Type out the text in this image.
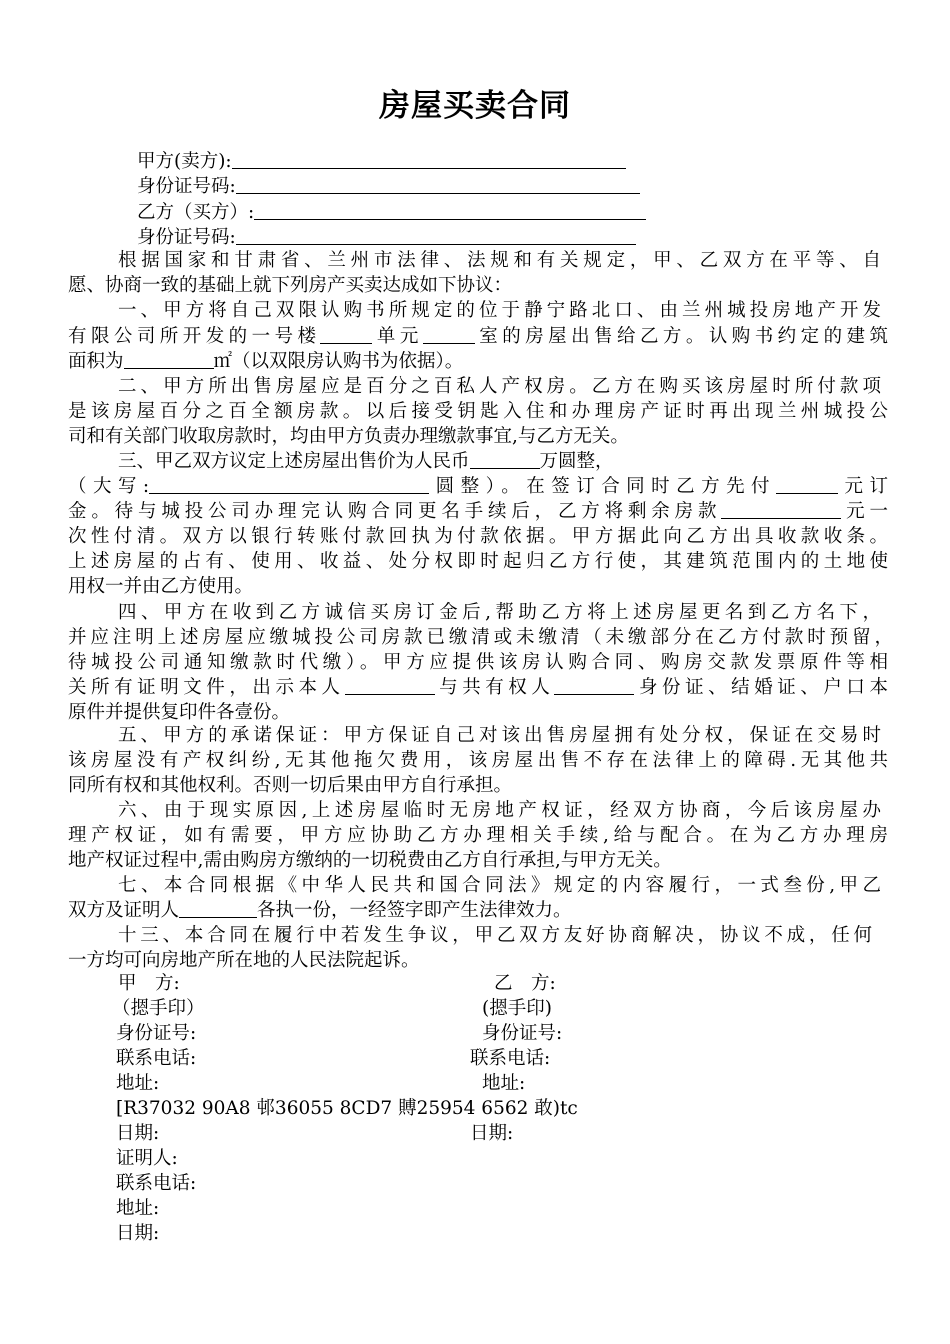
房屋买卖合同
甲方(卖方):
身份证号码:
乙方（买方）:
身份证号码:
根据国家和甘肃省、兰州市法律、法规和有关规定，甲、乙双方在平等、自
愿、协商一致的基础上就下列房产买卖达成如下协议：
一、甲方将自己双限认购书所规定的位于静宁路北口、由兰州城投房地产开发
有限公司所开发的一号楼	单元	室的房屋出售给乙方。认购书约定的建筑
面积为	㎡（以双限房认购书为依据）。
二、甲方所出售房屋应是百分之百私人产权房。乙方在购买该房屋时所付款项
是该房屋百分之百全额房款。以后接受钥匙入住和办理房产证时再出现兰州城投公
司和有关部门收取房款时，均由甲方负责办理缴款事宜,与乙方无关。
三、甲乙双方议定上述房屋出售价为人民币	万圆整，
（大写:	圆整）。在签订合同时乙方先付	元订
金。待与城投公司办理完认购合同更名手续后，乙方将剩余房款	元一
次性付清。双方以银行转账付款回执为付款依据。甲方据此向乙方出具收款收条。
上述房屋的占有、使用、收益、处分权即时起归乙方行使，其建筑范围内的土地使
用权一并由乙方使用。
四、甲方在收到乙方诚信买房订金后,帮助乙方将上述房屋更名到乙方名下，
并应注明上述房屋应缴城投公司房款已缴清或未缴清（未缴部分在乙方付款时预留，
待城投公司通知缴款时代缴）。甲方应提供该房认购合同、购房交款发票原件等相
关所有证明文件，出示本人	与共有权人	身份证、结婚证、户口本
原件并提供复印件各壹份。
五、甲方的承诺保证：甲方保证自己对该出售房屋拥有处分权，保证在交易时
该房屋没有产权纠纷,无其他拖欠费用，该房屋出售不存在法律上的障碍.无其他共
同所有权和其他权利。否则一切后果由甲方自行承担。
六、由于现实原因,上述房屋临时无房地产权证，经双方协商，今后该房屋办
理产权证，如有需要，甲方应协助乙方办理相关手续,给与配合。在为乙方办理房
地产权证过程中,需由购房方缴纳的一切税费由乙方自行承担,与甲方无关。
七、本合同根据《中华人民共和国合同法》规定的内容履行，一式叁份,甲乙
双方及证明人	各执一份，一经签字即产生法律效力。
十三、本合同在履行中若发生争议，甲乙双方友好协商解决，协议不成，任何
一方均可向房地产所在地的人民法院起诉。
甲　方:	乙　方:
（摁手印）	(摁手印)
身份证号:	身份证号:
联系电话:	联系电话:
地址:	地址:
[R37032 90A8 邨36055 8CD7 賻25954 6562 敢)tc
日期:	日期:
证明人:
联系电话:
地址:
日期:
